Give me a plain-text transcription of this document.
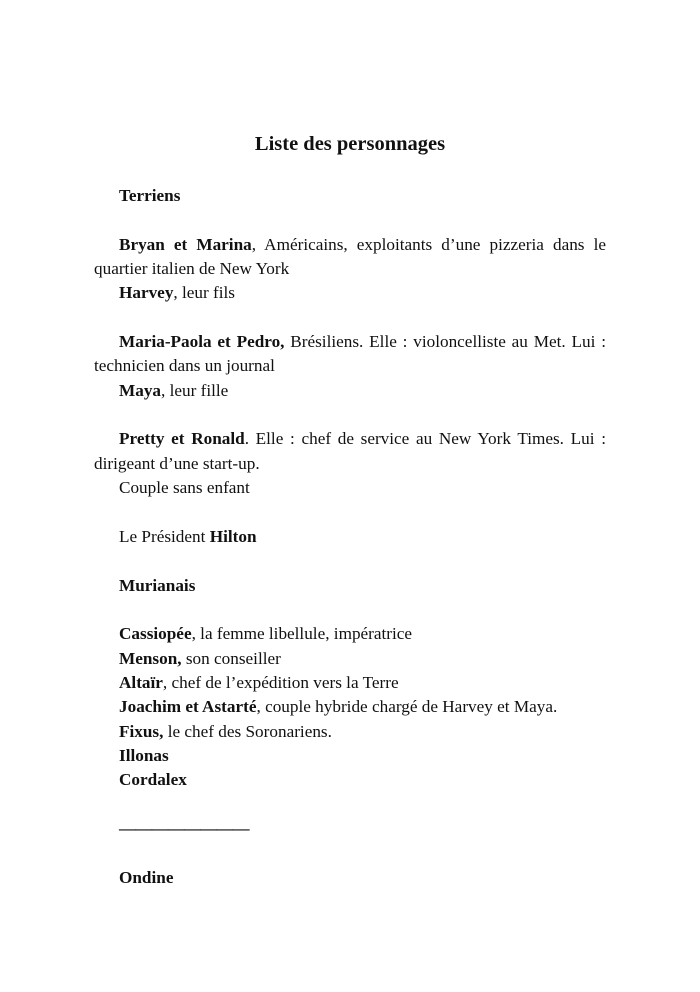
Liste des personnages
Terriens
Bryan et Marina, Américains, exploitants d’une pizzeria dans le quartier italien de New York
Harvey, leur fils
Maria-Paola et Pedro, Brésiliens. Elle : violoncelliste au Met. Lui : technicien dans un journal
Maya, leur fille
Pretty et Ronald. Elle : chef de service au New York Times. Lui : dirigeant d’une start-up.
Couple sans enfant
Le Président Hilton
Murianais
Cassiopée, la femme libellule, impératrice
Menson, son conseiller
Altaïr, chef de l’expédition vers la Terre
Joachim et Astarté, couple hybride chargé de Harvey et Maya.
Fixus, le chef des Soronariens.
Illonas
Cordalex
————————
Ondine
